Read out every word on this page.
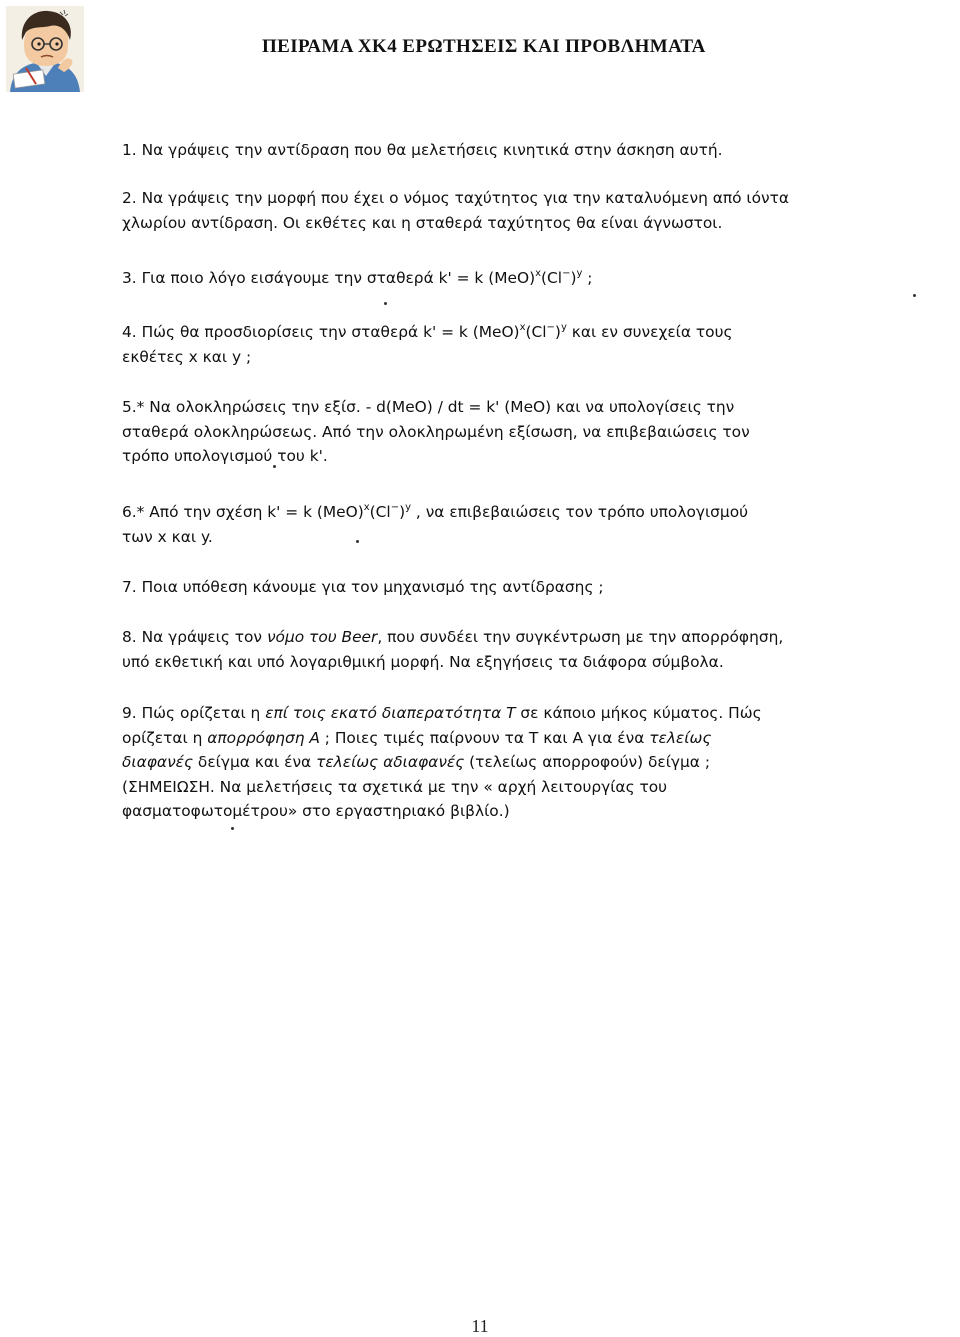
ΠΕΙΡΑΜΑ ΧΚ4 ΕΡΩΤΗΣΕΙΣ ΚΑΙ ΠΡΟΒΛΗΜΑΤΑ

1. Να γράψεις την αντίδραση που θα μελετήσεις κινητικά στην άσκηση αυτή.

2. Να γράψεις την μορφή που έχει ο νόμος ταχύτητος για την καταλυόμενη από ιόντα

χλωρίου αντίδραση. Οι εκθέτες και η σταθερά ταχύτητος θα είναι άγνωστοι.

3. Για ποιο λόγο εισάγουμε την σταθερά k' = k $(MeO)^x(Cl^-)^y$ ;

4. Πώς θα προσδιορίσεις την σταθερά k' = k $(MeO)^x(Cl^-)^y$ και εν συνεχεία τους

εκθέτες x και y ;

5.* Να ολοκληρώσεις την εξίσ. - d(MeO) / dt = k' (MeO) και να υπολογίσεις την

σταθερά ολοκληρώσεως. Από την ολοκληρωμένη εξίσωση, να επιβεβαιώσεις τον

τρόπο υπολογισμού του k'.

6.* Από την σχέση k' = k $(MeO)^x(Cl^-)^y$ , να επιβεβαιώσεις τον τρόπο υπολογισμού

των x και y.

7. Ποια υπόθεση κάνουμε για τον μηχανισμό της αντίδρασης ;

8. Να γράψεις τον νόμο του Beer, που συνδέει την συγκέντρωση με την απορρόφηση,

υπό εκθετική και υπό λογαριθμική μορφή. Να εξηγήσεις τα διάφορα σύμβολα.

9. Πώς ορίζεται η επί τοις εκατό διαπερατότητα Τ σε κάποιο μήκος κύματος. Πώς

ορίζεται η απορρόφηση Α ; Ποιες τιμές παίρνουν τα Τ και Α για ένα τελείως

διαφανές δείγμα και ένα τελείως αδιαφανές (τελείως απορροφούν) δείγμα ;

(ΣΗΜΕΙΩΣΗ. Να μελετήσεις τα σχετικά με την « αρχή λειτουργίας του

φασματοφωτομέτρου» στο εργαστηριακό βιβλίο.)

11
